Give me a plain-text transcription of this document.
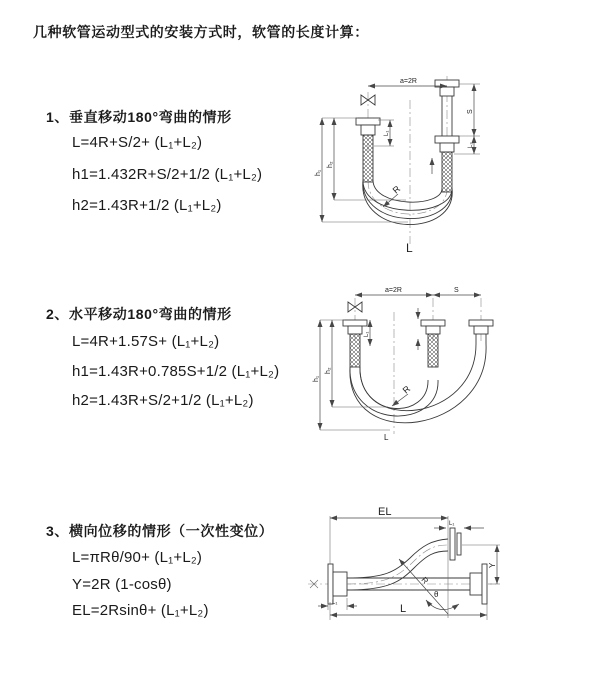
几种软管运动型式的安装方式时，软管的长度计算：
1、垂直移动180°弯曲的情形
L=4R+S/2+ (L₁+L₂)
h1=1.432R+S/2+1/2 (L₁+L₂)
h2=1.43R+1/2 (L₁+L₂)
2、水平移动180°弯曲的情形
L=4R+1.57S+ (L₁+L₂)
h1=1.43R+0.785S+1/2 (L₁+L₂)
h2=1.43R+S/2+1/2 (L₁+L₂)
3、横向位移的情形（一次性变位）
L=πRθ/90+ (L₁+L₂)
Y=2R (1-cosθ)
EL=2Rsinθ+ (L₁+L₂)
a=2R
h₁
h₂
L₁
S
L₂
R
L
a=2R	S
h₁
h₂
L₁
R
L
R
θ
EL
L₁
Y
L₁	L
